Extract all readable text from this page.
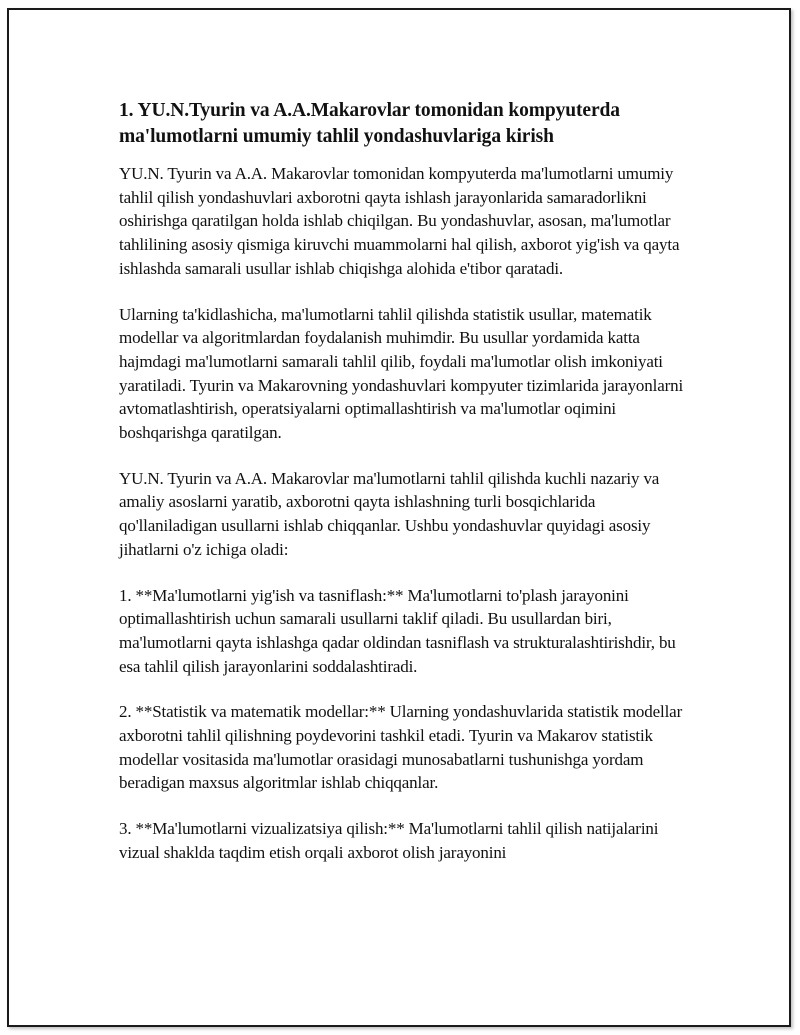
1. YU.N.Tyurin va A.A.Makarovlar tomonidan kompyuterda ma'lumotlarni umumiy tahlil yondashuvlariga kirish

YU.N. Tyurin va A.A. Makarovlar tomonidan kompyuterda ma'lumotlarni umumiy tahlil qilish yondashuvlari axborotni qayta ishlash jarayonlarida samaradorlikni oshirishga qaratilgan holda ishlab chiqilgan. Bu yondashuvlar, asosan, ma'lumotlar tahlilining asosiy qismiga kiruvchi muammolarni hal qilish, axborot yig'ish va qayta ishlashda samarali usullar ishlab chiqishga alohida e'tibor qaratadi.

Ularning ta'kidlashicha, ma'lumotlarni tahlil qilishda statistik usullar, matematik modellar va algoritmlardan foydalanish muhimdir. Bu usullar yordamida katta hajmdagi ma'lumotlarni samarali tahlil qilib, foydali ma'lumotlar olish imkoniyati yaratiladi. Tyurin va Makarovning yondashuvlari kompyuter tizimlarida jarayonlarni avtomatlashtirish, operatsiyalarni optimallashtirish va ma'lumotlar oqimini boshqarishga qaratilgan.

YU.N. Tyurin va A.A. Makarovlar ma'lumotlarni tahlil qilishda kuchli nazariy va amaliy asoslarni yaratib, axborotni qayta ishlashning turli bosqichlarida qo'llaniladigan usullarni ishlab chiqqanlar. Ushbu yondashuvlar quyidagi asosiy jihatlarni o'z ichiga oladi:

1. **Ma'lumotlarni yig'ish va tasniflash:** Ma'lumotlarni to'plash jarayonini optimallashtirish uchun samarali usullarni taklif qiladi. Bu usullardan biri, ma'lumotlarni qayta ishlashga qadar oldindan tasniflash va strukturalashtirishdir, bu esa tahlil qilish jarayonlarini soddalashtiradi.

2. **Statistik va matematik modellar:** Ularning yondashuvlarida statistik modellar axborotni tahlil qilishning poydevorini tashkil etadi. Tyurin va Makarov statistik modellar vositasida ma'lumotlar orasidagi munosabatlarni tushunishga yordam beradigan maxsus algoritmlar ishlab chiqqanlar.

3. **Ma'lumotlarni vizualizatsiya qilish:** Ma'lumotlarni tahlil qilish natijalarini vizual shaklda taqdim etish orqali axborot olish jarayonini
